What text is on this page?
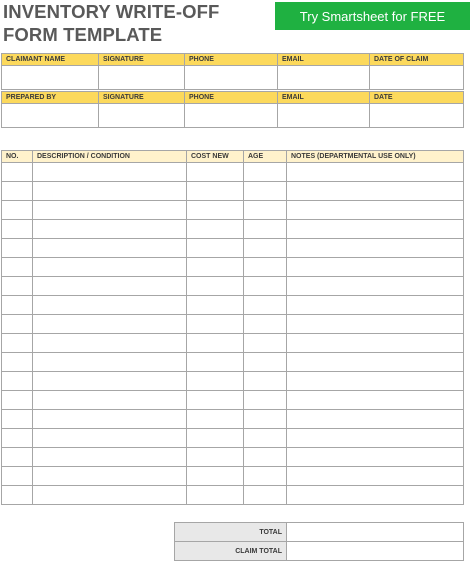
INVENTORY WRITE-OFF FORM TEMPLATE
Try Smartsheet for FREE
CLAIMANT NAME	SIGNATURE	PHONE	EMAIL	DATE OF CLAIM

PREPARED BY	SIGNATURE	PHONE	EMAIL	DATE

NO.	DESCRIPTION / CONDITION	COST NEW	AGE	NOTES (DEPARTMENTAL USE ONLY)

TOTAL	
CLAIM TOTAL	
